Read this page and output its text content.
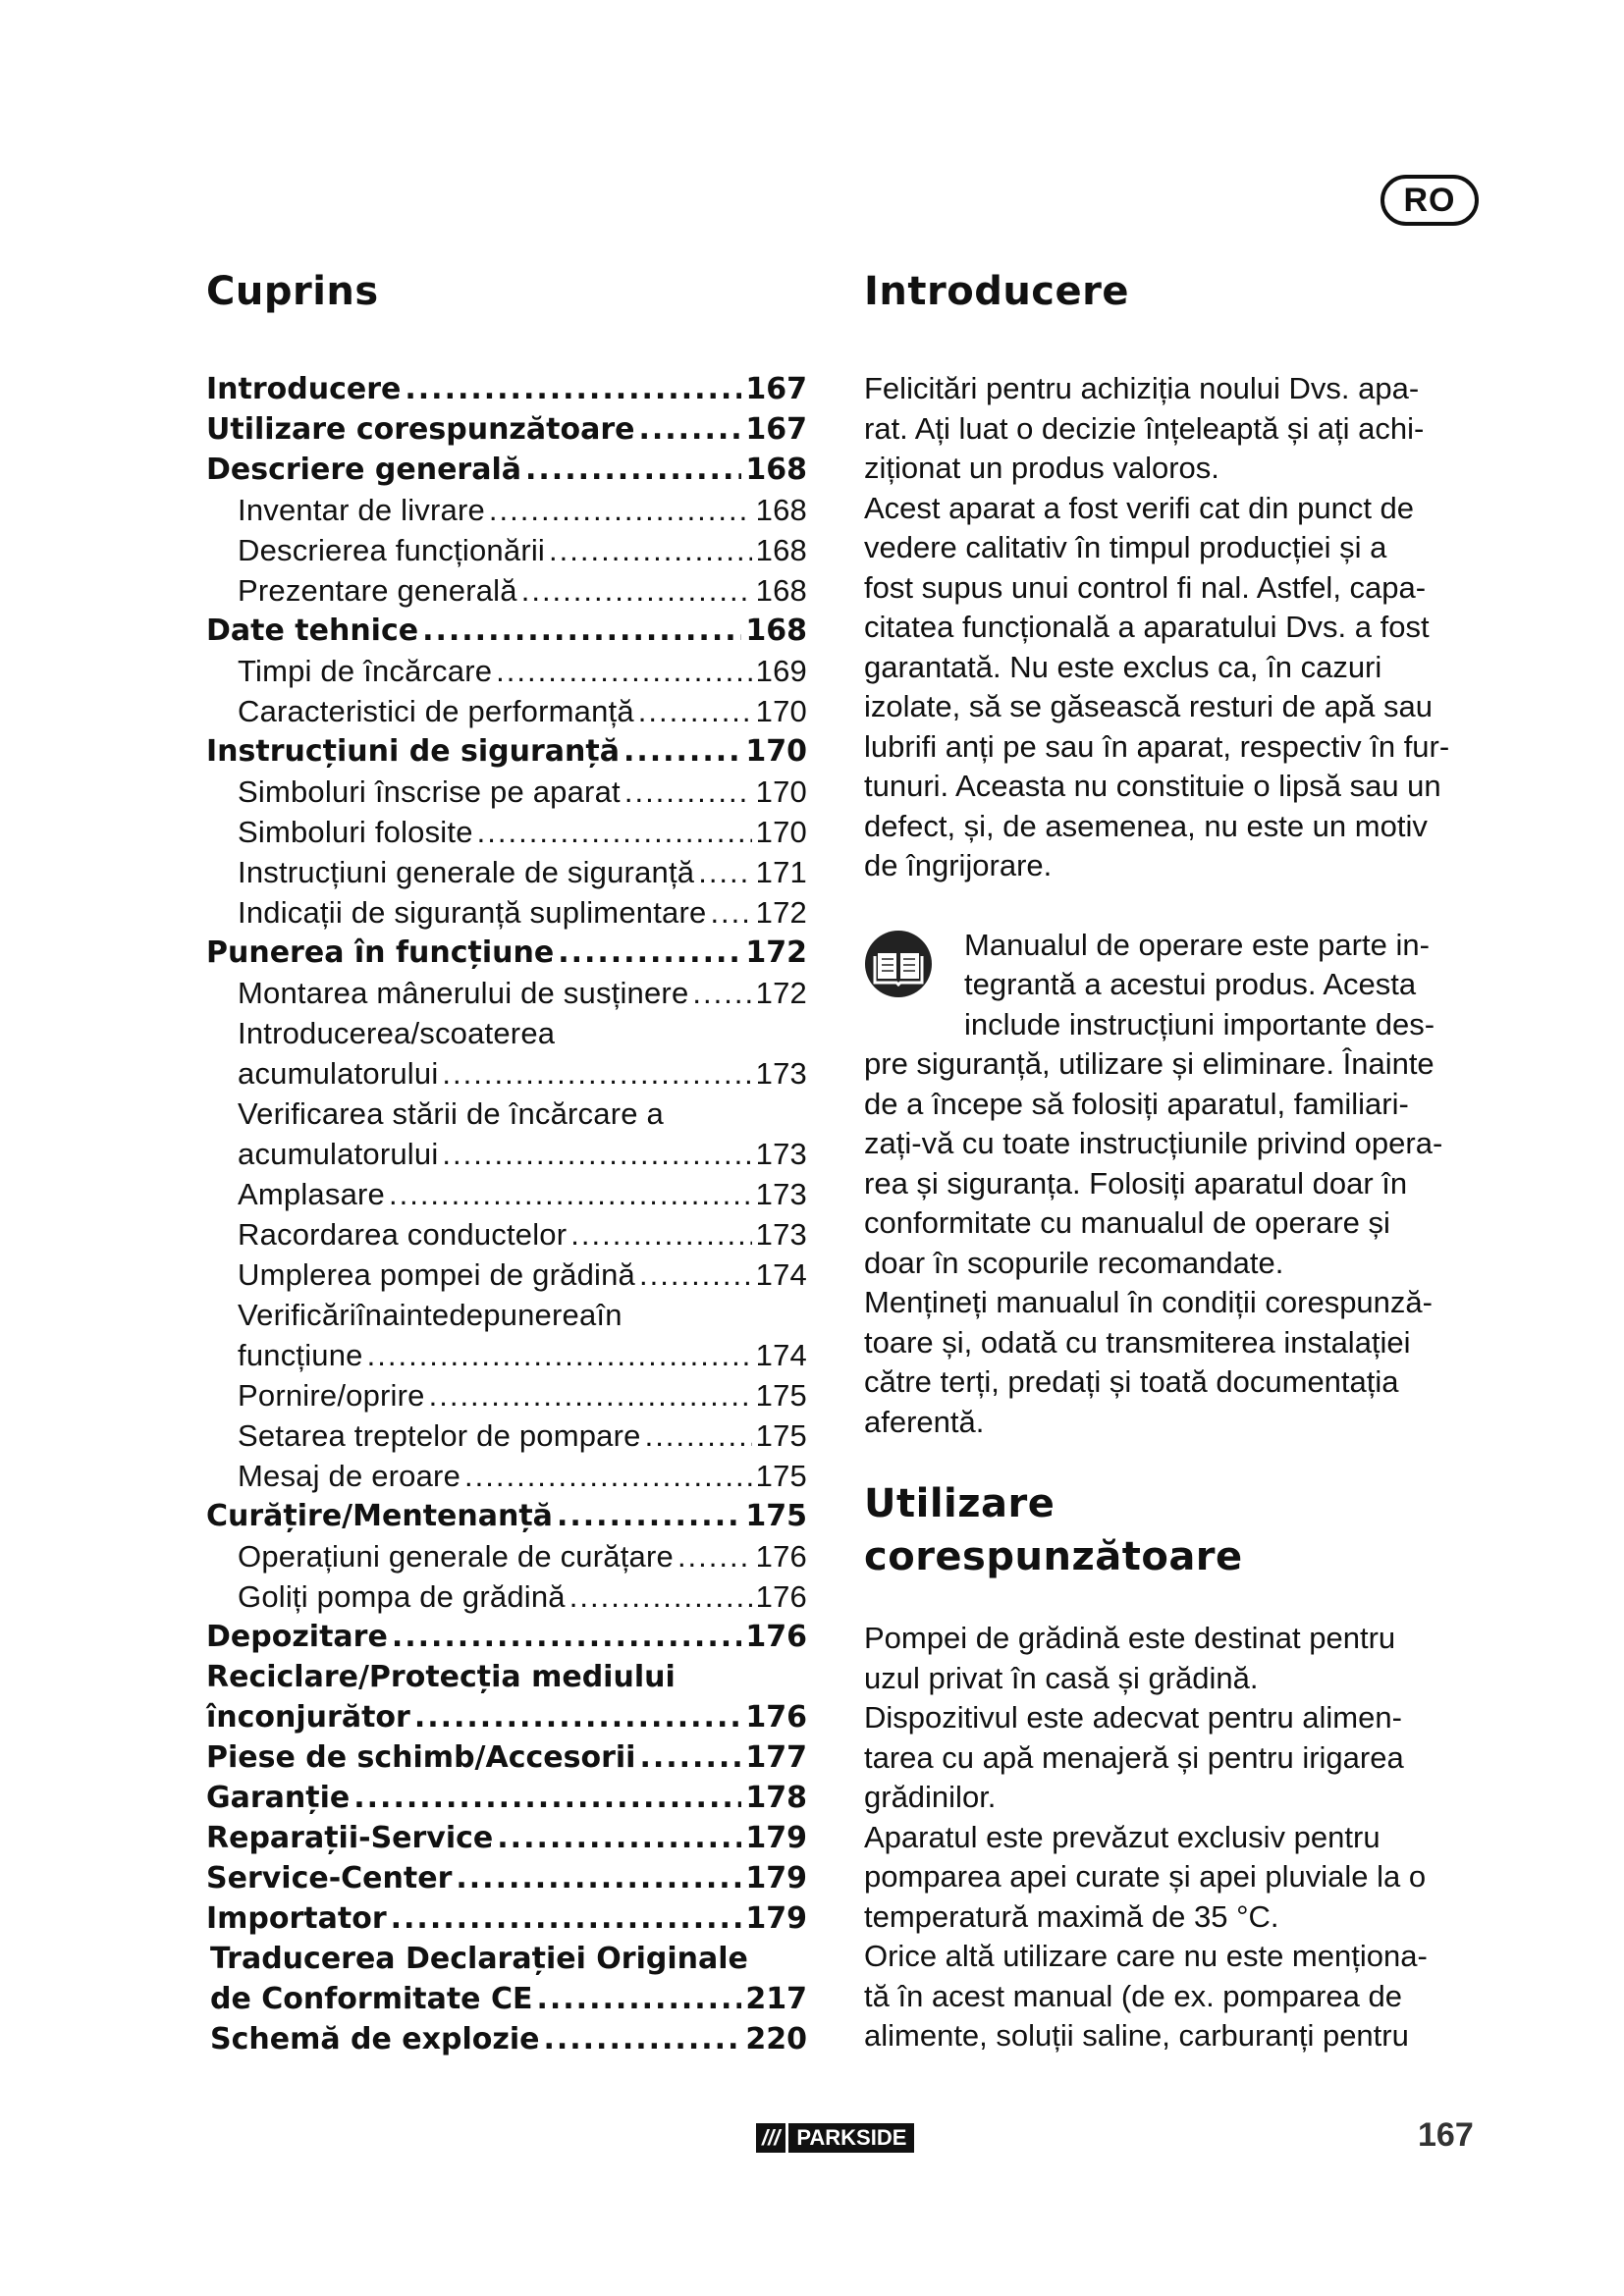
RO
Cuprins
Introducere .....	167
Utilizare corespunzătoare .....	167
Descriere generală .....	168
Inventar de livrare .....	168
Descrierea funcționării .....	168
Prezentare generală .....	168
Date tehnice .....	168
Timpi de încărcare .....	169
Caracteristici de performanță .....	170
Instrucțiuni de siguranță .....	170
Simboluri înscrise pe aparat .....	170
Simboluri folosite .....	170
Instrucțiuni generale de siguranță ..... 171
Indicații de siguranță suplimentare ..... 172
Punerea în funcțiune .....	172
Montarea mânerului de susținere ..... 172
Introducerea/scoaterea
acumulatorului .....	173
Verificarea stării de încărcare a
acumulatorului .....	173
Amplasare .....	173
Racordarea conductelor .....	173
Umplerea pompei de grădină .....	174
Verificăriînaintedepunereaîn
funcțiune .....	174
Pornire/oprire .....	175
Setarea treptelor de pompare .....	175
Mesaj de eroare .....	175
Curățire/Mentenanță .....	175
Operațiuni generale de curățare .....	176
Goliți pompa de grădină .....	176
Depozitare .....	176
Reciclare/Protecția mediului
înconjurător .....	176
Piese de schimb/Accesorii .....	177
Garanție .....	178
Reparații-Service .....	179
Service-Center .....	179
Importator .....	179
Traducerea Declarației Originale
de Conformitate CE .....	217
Schemă de explozie .....	220
Introducere

Felicitări pentru achiziția noului Dvs. apa-

rat. Ați luat o decizie înțeleaptă și ați achi-

ziționat un produs valoros.

Acest aparat a fost verifi cat din punct de

vedere calitativ în timpul producției și a

fost supus unui control fi nal. Astfel, capa-

citatea funcțională a aparatului Dvs. a fost

garantată. Nu este exclus ca, în cazuri

izolate, să se găsească resturi de apă sau

lubrifi anți pe sau în aparat, respectiv în fur-

tunuri. Aceasta nu constituie o lipsă sau un

defect, și, de asemenea, nu este un motiv

de îngrijorare.

Manualul de operare este parte in-

tegrantă a acestui produs. Acesta

include instrucțiuni importante des-

pre siguranță, utilizare și eliminare. Înainte

de a începe să folosiți aparatul, familiari-

zați-vă cu toate instrucțiunile privind opera-

rea și siguranța. Folosiți aparatul doar în

conformitate cu manualul de operare și

doar în scopurile recomandate.

Mențineți manualul în condiții corespunză-

toare și, odată cu transmiterea instalației

către terți, predați și toată documentația

aferentă.

Utilizare
corespunzătoare

Pompei de grădină este destinat pentru

uzul privat în casă și grădină.

Dispozitivul este adecvat pentru alimen-

tarea cu apă menajeră și pentru irigarea

grădinilor.

Aparatul este prevăzut exclusiv pentru

pomparea apei curate și apei pluviale la o

temperatură maximă de 35 °C.

Orice altă utilizare care nu este menționa-

tă în acest manual (de ex. pomparea de

alimente, soluții saline, carburanți pentru

/// PARKSIDE	167
